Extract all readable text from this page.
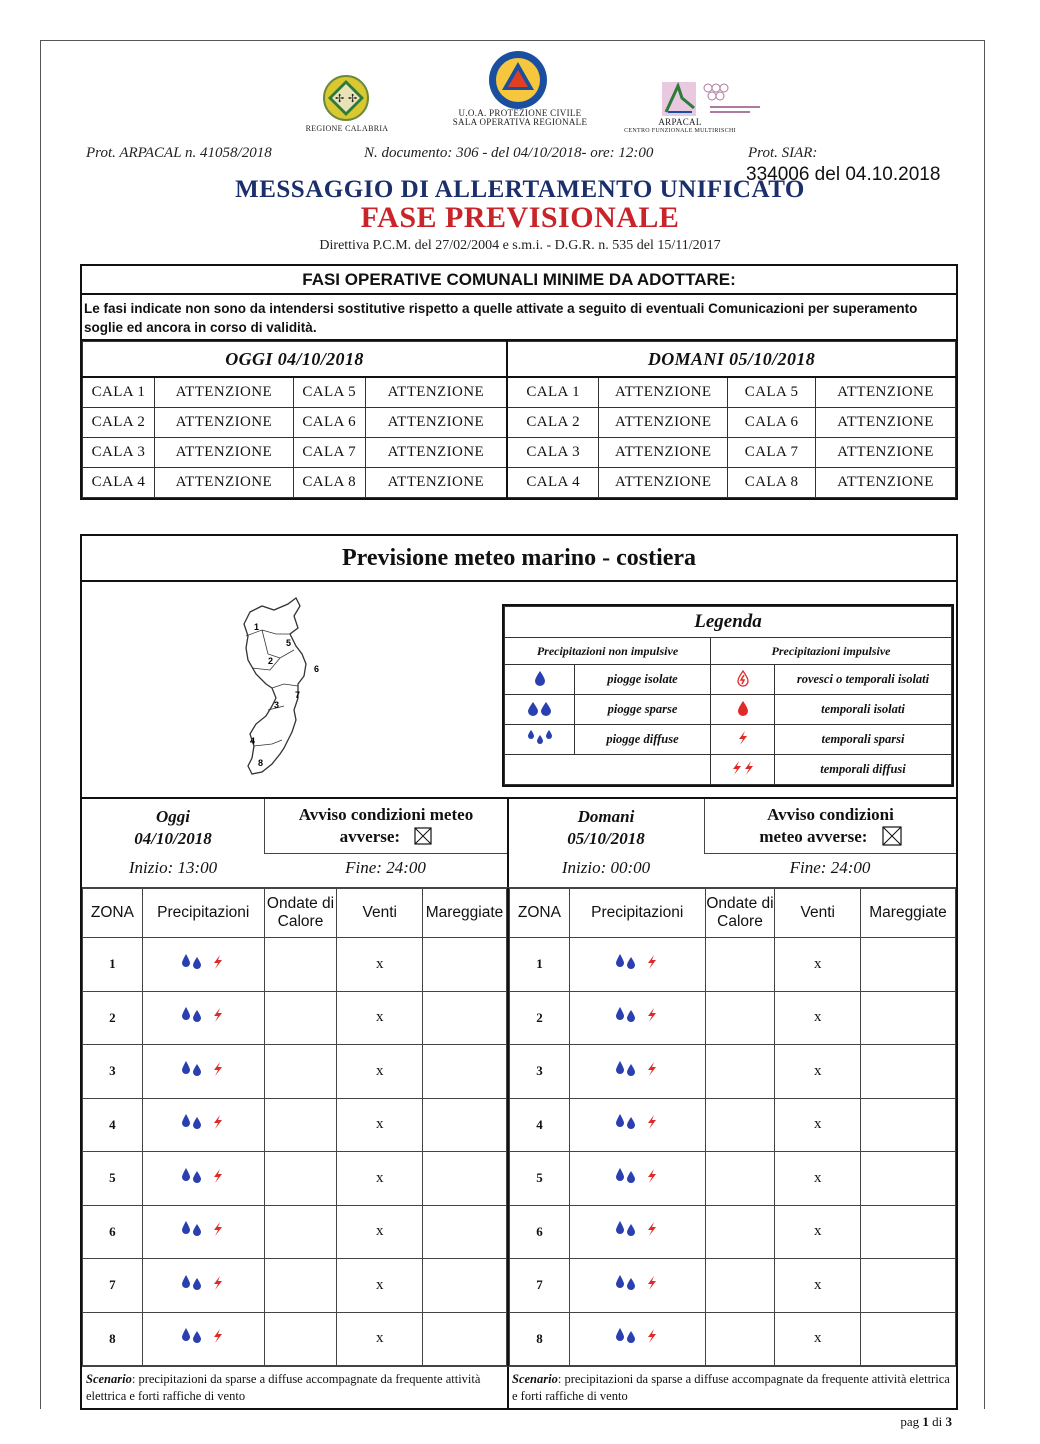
✢ ✢
REGIONE CALABRIA
U.O.A. PROTEZIONE CIVILE
SALA OPERATIVA REGIONALE	ARPACAL
CENTRO FUNZIONALE MULTIRISCHI
Prot. ARPACAL n. 41058/2018	N. documento: 306 - del 04/10/2018- ore: 12:00	Prot. SIAR:
MESSAGGIO DI ALLERTAMENTO UNIFICATO
334006 del 04.10.2018
FASE PREVISIONALE
Direttiva P.C.M. del 27/02/2004 e s.m.i. - D.G.R. n. 535 del 15/11/2017
FASI OPERATIVE COMUNALI MINIME DA ADOTTARE:
Le fasi indicate non sono da intendersi sostitutive rispetto a quelle attivate a seguito di eventuali Comunicazioni per superamento soglie ed ancora in corso di validità.
OGGI 04/10/2018				DOMANI 05/10/2018			
CALA 1	ATTENZIONE	CALA 5	ATTENZIONE	CALA 1	ATTENZIONE	CALA 5	ATTENZIONE
CALA 2	ATTENZIONE	CALA 6	ATTENZIONE	CALA 2	ATTENZIONE	CALA 6	ATTENZIONE
CALA 3	ATTENZIONE	CALA 7	ATTENZIONE	CALA 3	ATTENZIONE	CALA 7	ATTENZIONE
CALA 4	ATTENZIONE	CALA 8	ATTENZIONE	CALA 4	ATTENZIONE	CALA 8	ATTENZIONE
Previsione meteo marino - costiera
1
5
2
6
7
3
4
8
Legenda			
Precipitazioni non impulsive		Precipitazioni impulsive	
	piogge isolate		rovesci o temporali isolati
	piogge sparse		temporali isolati
	piogge diffuse		temporali sparsi
		temporali diffusi
Oggi
04/10/2018
Avviso condizioni meteo
avverse:
Inizio: 13:00	Fine: 24:00
Domani
05/10/2018
Avviso condizioni
meteo avverse:
Inizio: 00:00	Fine: 24:00
ZONA	Precipitazioni	Ondate di
Calore	Venti	Mareggiate
1			x	
2			x	
3			x	
4			x	
5			x	
6			x	
7			x	
8			x	
ZONA	Precipitazioni	Ondate di
Calore	Venti	Mareggiate
1			x	
2			x	
3			x	
4			x	
5			x	
6			x	
7			x	
8			x	
Scenario: precipitazioni da sparse a diffuse accompagnate da frequente attività elettrica e forti raffiche di vento
Scenario: precipitazioni da sparse a diffuse accompagnate da frequente attività elettrica e forti raffiche di vento
pag 1 di 3
